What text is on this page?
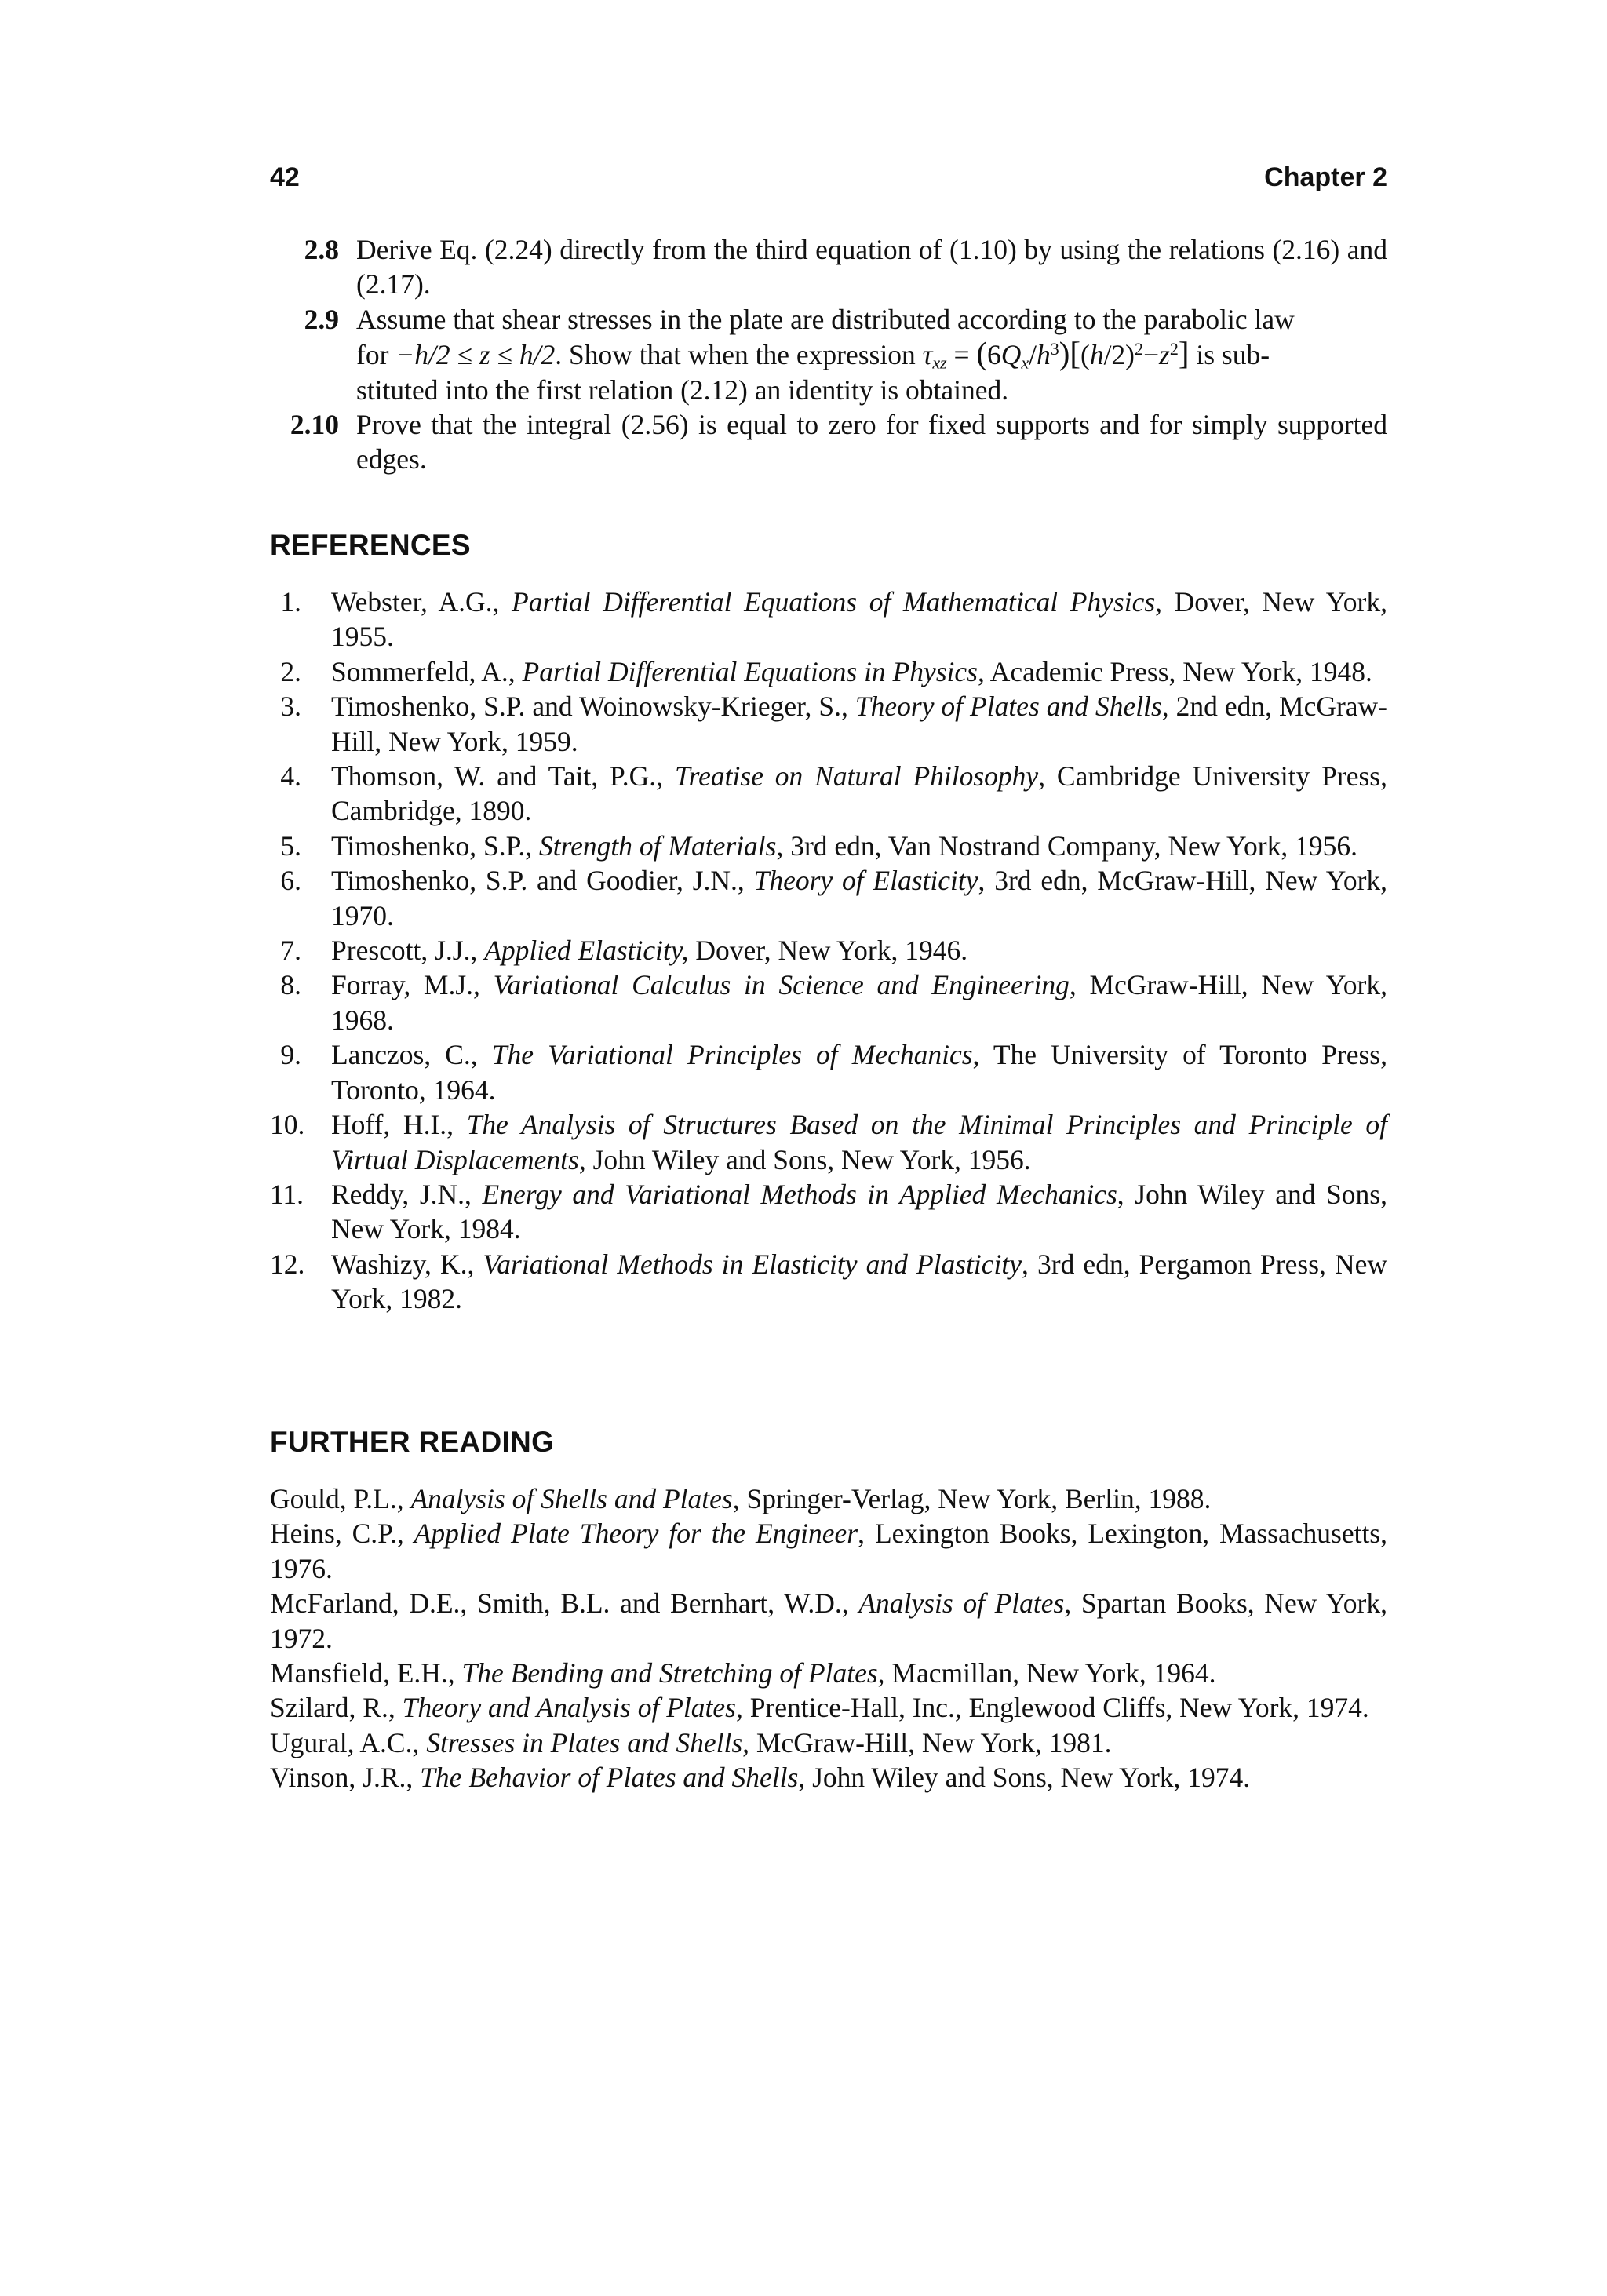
42	Chapter 2
2.8 Derive Eq. (2.24) directly from the third equation of (1.10) by using the relations (2.16) and (2.17).
2.9 Assume that shear stresses in the plate are distributed according to the parabolic law
for −h/2 ≤ z ≤ h/2. Show that when the expression $\tau_{xz} = (6Q_x/h^3)[(h/2)^2-z^2]$ is sub-
stituted into the first relation (2.12) an identity is obtained.
2.10 Prove that the integral (2.56) is equal to zero for fixed supports and for simply supported edges.
REFERENCES
1. Webster, A.G., Partial Differential Equations of Mathematical Physics, Dover, New York, 1955.
2. Sommerfeld, A., Partial Differential Equations in Physics, Academic Press, New York, 1948.
3. Timoshenko, S.P. and Woinowsky-Krieger, S., Theory of Plates and Shells, 2nd edn, McGraw-Hill, New York, 1959.
4. Thomson, W. and Tait, P.G., Treatise on Natural Philosophy, Cambridge University Press, Cambridge, 1890.
5. Timoshenko, S.P., Strength of Materials, 3rd edn, Van Nostrand Company, New York, 1956.
6. Timoshenko, S.P. and Goodier, J.N., Theory of Elasticity, 3rd edn, McGraw-Hill, New York, 1970.
7. Prescott, J.J., Applied Elasticity, Dover, New York, 1946.
8. Forray, M.J., Variational Calculus in Science and Engineering, McGraw-Hill, New York, 1968.
9. Lanczos, C., The Variational Principles of Mechanics, The University of Toronto Press, Toronto, 1964.
10. Hoff, H.I., The Analysis of Structures Based on the Minimal Principles and Principle of Virtual Displacements, John Wiley and Sons, New York, 1956.
11. Reddy, J.N., Energy and Variational Methods in Applied Mechanics, John Wiley and Sons, New York, 1984.
12. Washizy, K., Variational Methods in Elasticity and Plasticity, 3rd edn, Pergamon Press, New York, 1982.
FURTHER READING
Gould, P.L., Analysis of Shells and Plates, Springer-Verlag, New York, Berlin, 1988.
Heins, C.P., Applied Plate Theory for the Engineer, Lexington Books, Lexington, Massachusetts, 1976.
McFarland, D.E., Smith, B.L. and Bernhart, W.D., Analysis of Plates, Spartan Books, New York, 1972.
Mansfield, E.H., The Bending and Stretching of Plates, Macmillan, New York, 1964.
Szilard, R., Theory and Analysis of Plates, Prentice-Hall, Inc., Englewood Cliffs, New York, 1974.
Ugural, A.C., Stresses in Plates and Shells, McGraw-Hill, New York, 1981.
Vinson, J.R., The Behavior of Plates and Shells, John Wiley and Sons, New York, 1974.
